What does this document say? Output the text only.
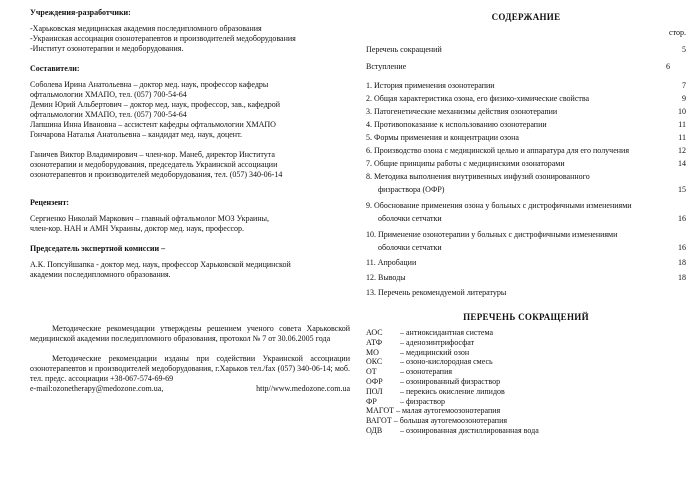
Учреждения-разработчики:

-Харьковская медицинская академия последипломного образования
-Украинская ассоциация озонотерапевтов и производителей медоборудования
-Институт озонотерапии и медоборудования.

Составители:

Соболева Ирина Анатольевна – доктор мед. наук, профессор кафедры
офтальмологии ХМАПО, тел. (057) 700-54-64
Демин Юрий Альбертович – доктор мед. наук, профессор, зав., кафедрой
офтальмологии ХМАПО, тел. (057) 700-54-64
Лапшина Инна Ивановна – ассистент кафедры офтальмологии ХМАПО
Гончарова Наталья Анатольевна – кандидат мед. наук, доцент.
Ганичев Виктор Владимирович – член-кор. Манеб, директор Института
озонотерапии и медоборудования, председатель Украинской ассоциации
озонотерапевтов и производителей медоборудования, тел. (057) 340-06-14

Рецензент:

Сергиенко Николай Маркович – главный офтальмолог МОЗ Украины,
член-кор. НАН и АМН Украины, доктор мед. наук, профессор.

Председатель экспертной комиссии –

А.К. Попсуйшапка - доктор мед. наук, профессор Харьковской медицинской
академии последипломного образования.
Методические рекомендации утверждены решением ученого совета Харьковской медицинской академии последипломного образования, протокол № 7 от 30.06.2005 года
Методические рекомендации изданы при содействии Украинской ассоциации озонотерапевтов и производителей медоборудования, г.Харьков тел./fax (057) 340-06-14; моб. тел. предс. ассоциации +38-067-574-69-69
e-mail:ozonetherapy@medozone.com.ua,	http//www.medozone.com.ua
СОДЕРЖАНИЕ
стор.
Перечень сокращений	5
Вступление	6
1. История применения озонотерапии	7
2. Общая характеристика озона, его физико-химические свойства	9
3. Патогенетические механизмы действия озонотерапии	10
4. Противопоказание к использованию озонотерапии	11
5. Формы применения и концентрации озона	11
6. Производство озона с медицинской целью и аппаратура для его получения	12
7. Общие принципы работы с медицинскими озонаторами	14
8. Методика выполнения внутривенных инфузий озонированного
физраствора (ОФР)	15
9. Обоснование применения озона у больных с дистрофичными изменениями
оболочки сетчатки	16
10. Применение озонотерапии у больных с дистрофичными изменениями
оболочки сетчатки	16
11. Апробации	18
12. Выводы	18
13. Перечень рекомендуемой литературы
ПЕРЕЧЕНЬ СОКРАЩЕНИЙ
АОС	– антиоксидантная система
АТФ	– аденозинтрифосфат
МО	– медицинский озон
ОКС	– озоно-кислородная смесь
ОТ	– озонотерапия
ОФР	– озонированный физраствор
ПОЛ	– перекись окисление липидов
ФР	– физраствор
МАГОТ – малая аутогемоозонотерапия
ВАГОТ – большая аутогемоозонотерапия
ОДВ	– озонированная дистиллированная вода
